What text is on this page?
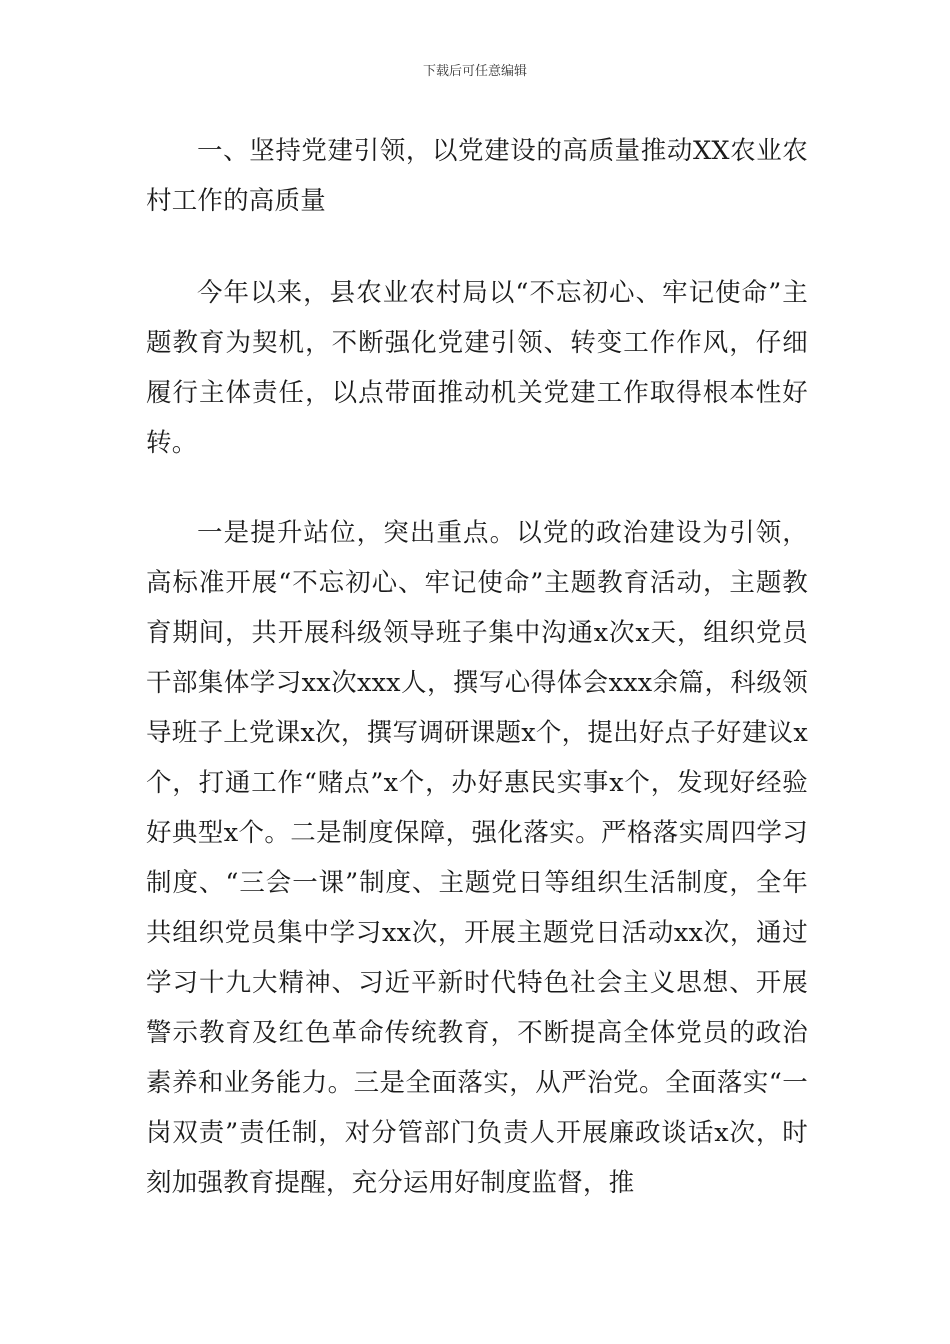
下载后可任意编辑

一、坚持党建引领，以党建设的高质量推动XX农业农村工作的高质量

今年以来，县农业农村局以“不忘初心、牢记使命”主题教育为契机，不断强化党建引领、转变工作作风，仔细履行主体责任，以点带面推动机关党建工作取得根本性好转。

一是提升站位，突出重点。以党的政治建设为引领，高标准开展“不忘初心、牢记使命”主题教育活动，主题教育期间，共开展科级领导班子集中沟通x次x天，组织党员干部集体学习xx次xxx人，撰写心得体会xxx余篇，科级领导班子上党课x次，撰写调研课题x个，提出好点子好建议x个，打通工作“赌点”x个，办好惠民实事x个，发现好经验好典型x个。二是制度保障，强化落实。严格落实周四学习制度、“三会一课”制度、主题党日等组织生活制度，全年共组织党员集中学习xx次，开展主题党日活动xx次，通过学习十九大精神、习近平新时代特色社会主义思想、开展警示教育及红色革命传统教育，不断提高全体党员的政治素养和业务能力。三是全面落实，从严治党。全面落实“一岗双责”责任制，对分管部门负责人开展廉政谈话x次，时刻加强教育提醒，充分运用好制度监督，推
